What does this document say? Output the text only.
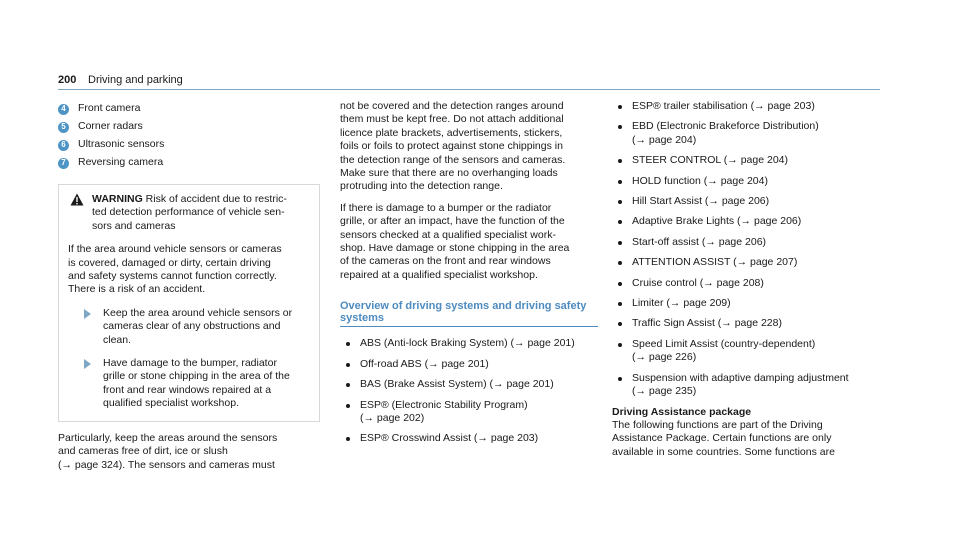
200 Driving and parking
4	Front camera
5	Corner radars
6	Ultrasonic sensors
7	Reversing camera
WARNING Risk of accident due to restric-
ted detection performance of vehicle sen-
sors and cameras

If the area around vehicle sensors or cameras
is covered, damaged or dirty, certain driving
and safety systems cannot function correctly.
There is a risk of an accident.

Keep the area around vehicle sensors or
cameras clear of any obstructions and
clean.
Have damage to the bumper, radiator
grille or stone chipping in the area of the
front and rear windows repaired at a
qualified specialist workshop.

Particularly, keep the areas around the sensors
and cameras free of dirt, ice or slush
(→ page 324). The sensors and cameras must

not be covered and the detection ranges around
them must be kept free. Do not attach additional
licence plate brackets, advertisements, stickers,
foils or foils to protect against stone chippings in
the detection range of the sensors and cameras.
Make sure that there are no overhanging loads
protruding into the detection range.

If there is damage to a bumper or the radiator
grille, or after an impact, have the function of the
sensors checked at a qualified specialist work-
shop. Have damage or stone chipping in the area
of the cameras on the front and rear windows
repaired at a qualified specialist workshop.

Overview of driving systems and driving safety
systems
ABS (Anti-lock Braking System) (→ page 201)
Off-road ABS (→ page 201)
BAS (Brake Assist System) (→ page 201)
ESP® (Electronic Stability Program)
(→ page 202)
ESP® Crosswind Assist (→ page 203)
ESP® trailer stabilisation (→ page 203)
EBD (Electronic Brakeforce Distribution)
(→ page 204)
STEER CONTROL (→ page 204)
HOLD function (→ page 204)
Hill Start Assist (→ page 206)
Adaptive Brake Lights (→ page 206)
Start-off assist (→ page 206)
ATTENTION ASSIST (→ page 207)
Cruise control (→ page 208)
Limiter (→ page 209)
Traffic Sign Assist (→ page 228)
Speed Limit Assist (country-dependent)
(→ page 226)
Suspension with adaptive damping adjustment
(→ page 235)
Driving Assistance package

The following functions are part of the Driving
Assistance Package. Certain functions are only
available in some countries. Some functions are
